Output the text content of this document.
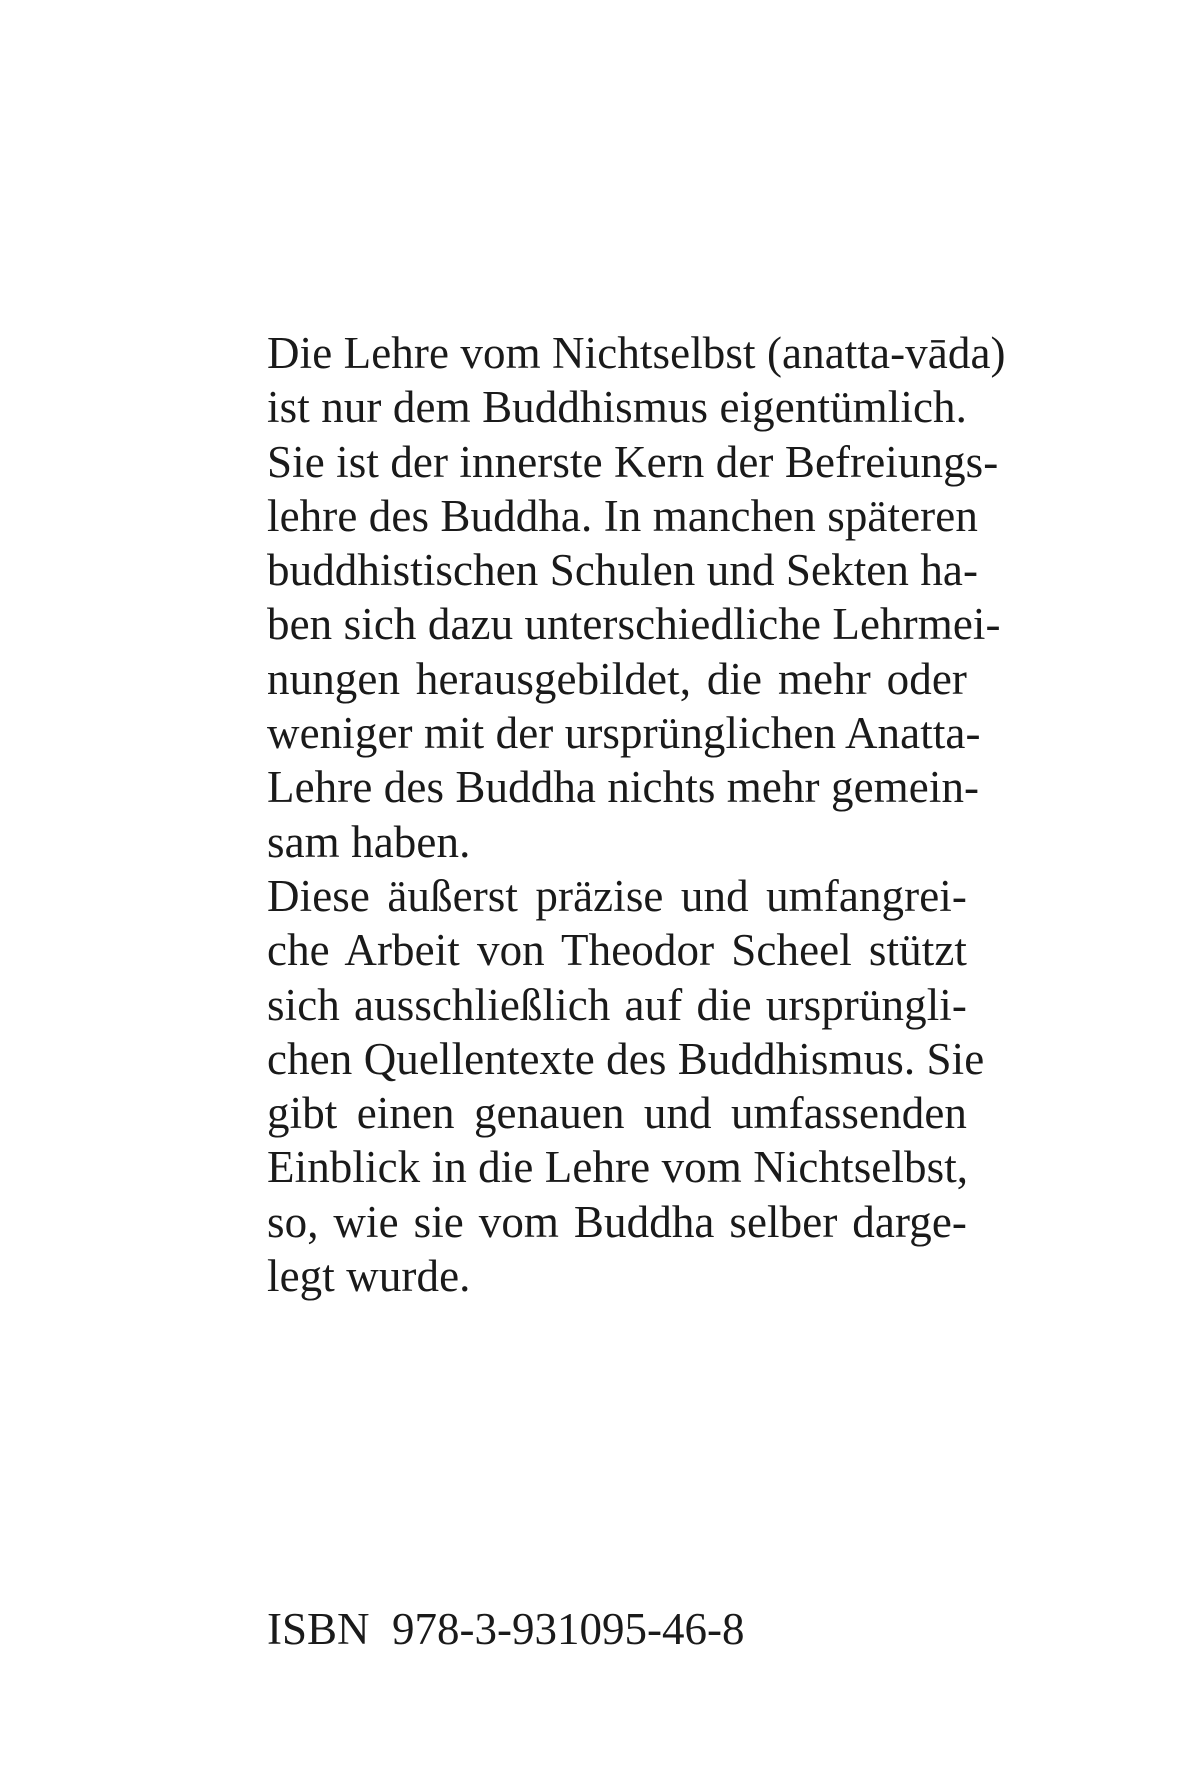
Die Lehre vom Nichtselbst (anatta-vāda)
ist nur dem Buddhismus eigentümlich.
Sie ist der innerste Kern der Befreiungs-
lehre des Buddha. In manchen späteren
buddhistischen Schulen und Sekten ha-
ben sich dazu unterschiedliche Lehrmei-
nungen herausgebildet, die mehr oder
weniger mit der ursprünglichen Anatta-
Lehre des Buddha nichts mehr gemein-
sam haben.
Diese äußerst präzise und umfangrei-
che Arbeit von Theodor Scheel stützt
sich ausschließlich auf die ursprüngli-
chen Quellentexte des Buddhismus. Sie
gibt einen genauen und umfassenden
Einblick in die Lehre vom Nichtselbst,
so, wie sie vom Buddha selber darge-
legt wurde.
ISBN 978-3-931095-46-8
